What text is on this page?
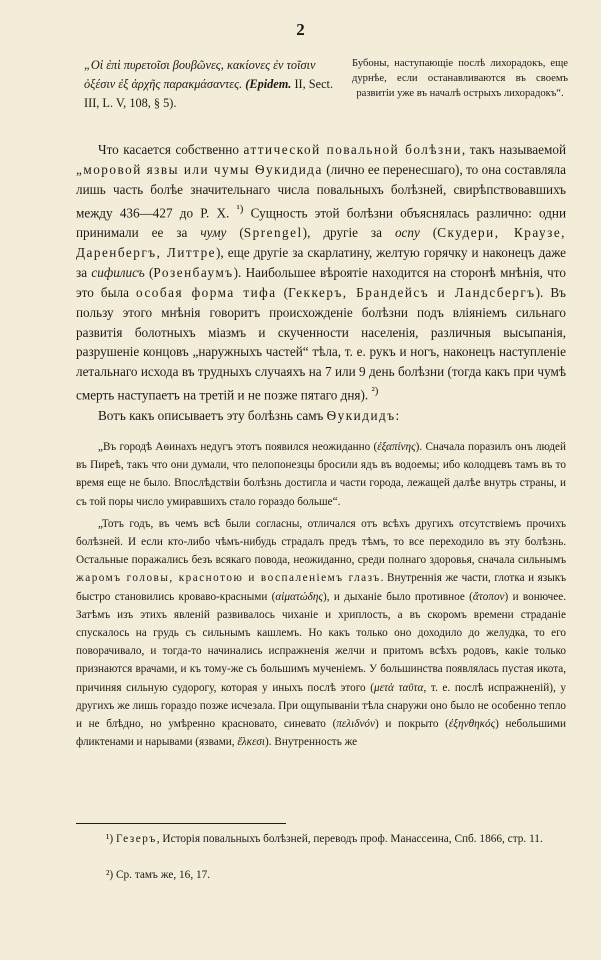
2
„Οἱ ἐπὶ πυρετοῖσι βουβῶνες, κακίονες ἐν τοῖσιν ὀξέσιν ἐξ ἀρχῆς παρακμάσαντες. (Epidem. II, Sect. III, L. V, 108, § 5).
Бубоны, наступающіе послѣ лихорадокъ, еще дурнѣе, если останавливаются въ своемъ развитіи уже въ началѣ острыхъ лихорадокъ“.

Что касается собственно аттической повальной болѣзни, такъ называемой „моровой язвы или чумы Ѳукидида (лично ее перенесшаго), то она составляла лишь часть болѣе значительнаго числа повальныхъ болѣзней, свирѣпствовавшихъ между 436—427 до Р. Х. $^{^1)}$ Сущность этой болѣзни объяснялась различно: одни принимали ее за чуму (Sprengel), другіе за оспу (Скудери, Краузе, Даренбергъ, Литтре), еще другіе за скарлатину, желтую горячку и наконецъ даже за сифилисъ (Розенбаумъ). Наибольшее вѣроятіе находится на сторонѣ мнѣнія, что это была особая форма тифа (Геккеръ, Брандейсъ и Ландсбергъ). Въ пользу этого мнѣнія говоритъ происхожденіе болѣзни подъ вліяніемъ сильнаго развитія болотныхъ міазмъ и скученности населенія, различныя высыпанія, разрушеніе концовъ „наружныхъ частей“ тѣла, т. е. рукъ и ногъ, наконецъ наступленіе летальнаго исхода въ трудныхъ случаяхъ на 7 или 9 день болѣзни (тогда какъ при чумѣ смерть наступаетъ на третій и не позже пятаго дня). $^{^2)}$

Вотъ какъ описываетъ эту болѣзнь самъ Ѳукидидъ:

„Въ городѣ Аѳинахъ недугъ этотъ появился неожиданно (ἐξαπίνης). Сначала поразилъ онъ людей въ Пиреѣ, такъ что они думали, что пелопонезцы бросили ядъ въ водоемы; ибо колодцевъ тамъ въ то время еще не было. Впослѣдствіи болѣзнь достигла и части города, лежащей далѣе внутрь страны, и съ той поры число умиравшихъ стало гораздо больше“.

„Тотъ годъ, въ чемъ всѣ были согласны, отличался отъ всѣхъ другихъ отсутствіемъ прочихъ болѣзней. И если кто-либо чѣмъ-нибудь страдалъ предъ тѣмъ, то все переходило въ эту болѣзнь. Остальные поражались безъ всякаго повода, неожиданно, среди полнаго здоровья, сначала сильнымъ жаромъ головы, краснотою и воспаленіемъ глазъ. Внутреннія же части, глотка и языкъ быстро становились кроваво-красными (αἱματώδης), и дыханіе было противное (ἄτοπον) и вонючее. Затѣмъ изъ этихъ явленій развивалось чиханіе и хриплость, а въ скоромъ времени страданіе спускалось на грудь съ сильнымъ кашлемъ. Но какъ только оно доходило до желудка, то его поворачивало, и тогда-то начинались испражненія желчи и притомъ всѣхъ родовъ, какіе только признаются врачами, и къ тому-же съ большимъ мученіемъ. У большинства появлялась пустая икота, причиняя сильную судорогу, которая у иныхъ послѣ этого (μετὰ ταῦτα, т. е. послѣ испражненій), у другихъ же лишь гораздо позже исчезала. При ощупываніи тѣла снаружи оно было не особенно тепло и не блѣдно, но умѣренно красновато, синевато (πελιδνόν) и покрыто (ἐξηνθηκός) небольшими фликтенами и нарывами (язвами, ἕλκεσι). Внутренность же

¹) Гезеръ, Исторія повальныхъ болѣзней, переводъ проф. Манассеина, Спб. 1866, стр. 11.
²) Ср. тамъ же, 16, 17.
